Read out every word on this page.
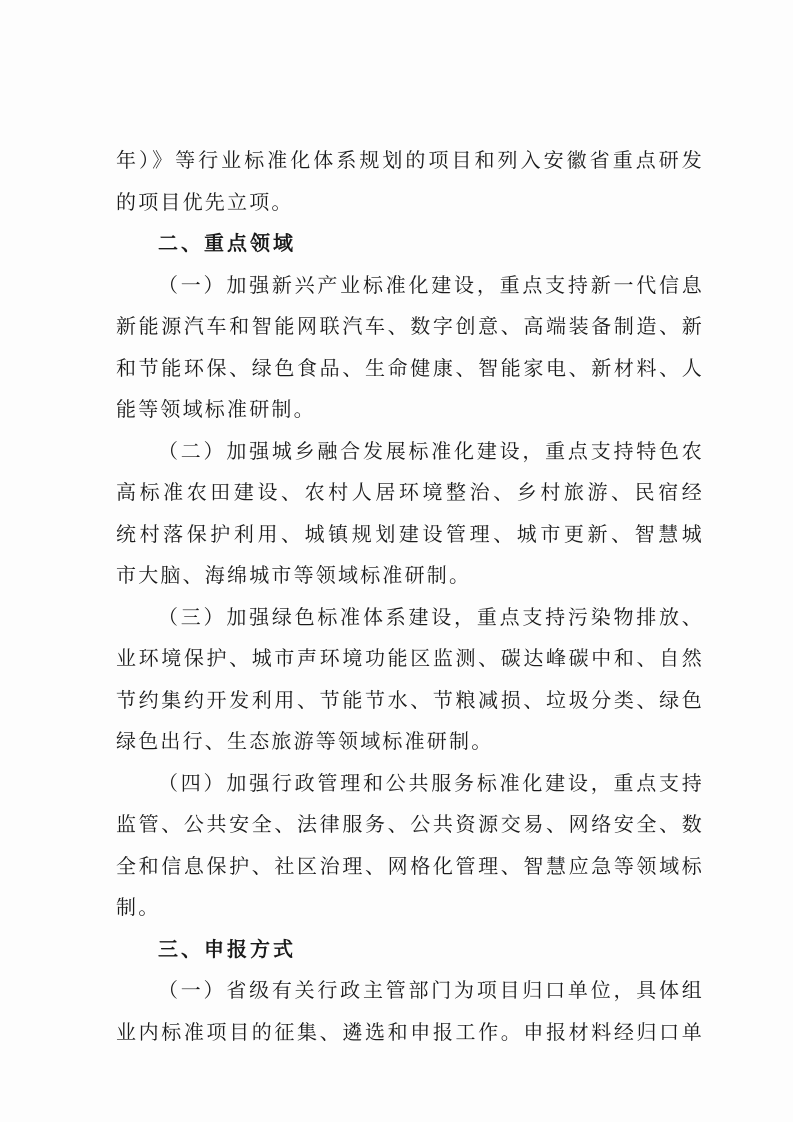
年）》等行业标准化体系规划的项目和列入安徽省重点研发
的项目优先立项。
二、重点领域
（一）加强新兴产业标准化建设，重点支持新一代信息
新能源汽车和智能网联汽车、数字创意、高端装备制造、新
和节能环保、绿色食品、生命健康、智能家电、新材料、人
能等领域标准研制。
（二）加强城乡融合发展标准化建设，重点支持特色农
高标准农田建设、农村人居环境整治、乡村旅游、民宿经
统村落保护利用、城镇规划建设管理、城市更新、智慧城
市大脑、海绵城市等领域标准研制。
（三）加强绿色标准体系建设，重点支持污染物排放、
业环境保护、城市声环境功能区监测、碳达峰碳中和、自然
节约集约开发利用、节能节水、节粮减损、垃圾分类、绿色
绿色出行、生态旅游等领域标准研制。
（四）加强行政管理和公共服务标准化建设，重点支持
监管、公共安全、法律服务、公共资源交易、网络安全、数
全和信息保护、社区治理、网格化管理、智慧应急等领域标
制。
三、申报方式
（一）省级有关行政主管部门为项目归口单位，具体组
业内标准项目的征集、遴选和申报工作。申报材料经归口单
